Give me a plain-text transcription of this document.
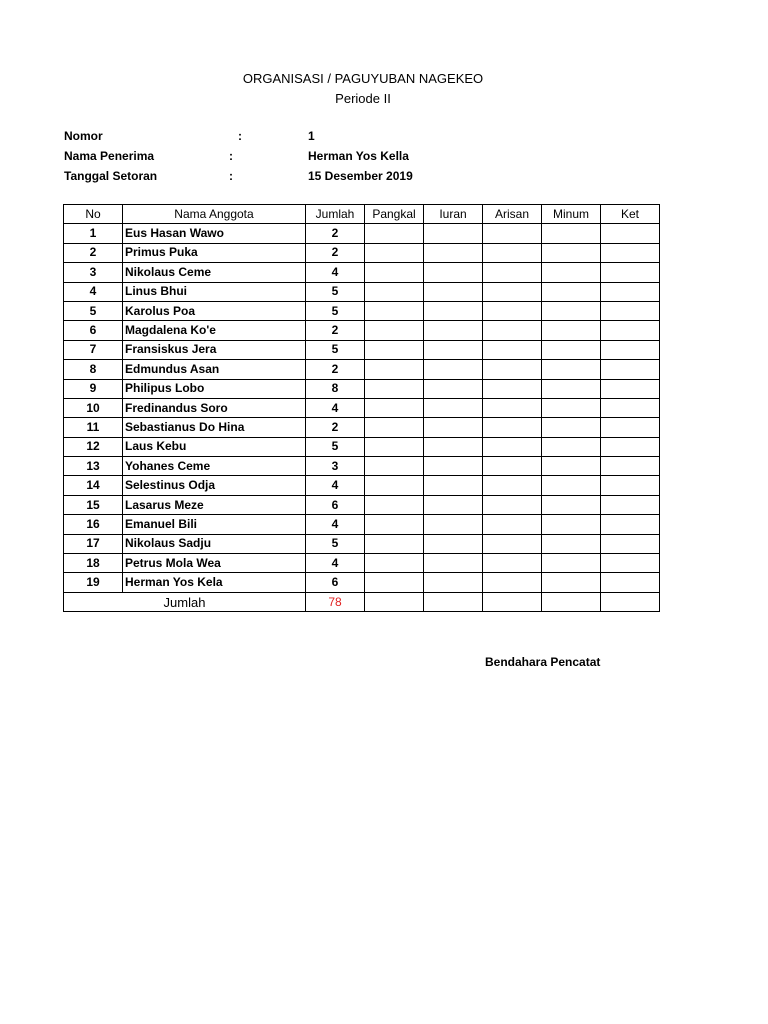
ORGANISASI / PAGUYUBAN NAGEKEO
Periode II
Nomor	:	1
Nama Penerima	:	Herman Yos Kella
Tanggal Setoran	:	15 Desember 2019
No	Nama Anggota	Jumlah	Pangkal	Iuran	Arisan	Minum	Ket
1	Eus Hasan Wawo	2					
2	Primus Puka	2					
3	Nikolaus Ceme	4					
4	Linus Bhui	5					
5	Karolus Poa	5					
6	Magdalena Ko'e	2					
7	Fransiskus Jera	5					
8	Edmundus Asan	2					
9	Philipus Lobo	8					
10	Fredinandus Soro	4					
11	Sebastianus Do Hina	2					
12	Laus Kebu	5					
13	Yohanes Ceme	3					
14	Selestinus Odja	4					
15	Lasarus Meze	6					
16	Emanuel Bili	4					
17	Nikolaus Sadju	5					
18	Petrus Mola Wea	4					
19	Herman Yos Kela	6					
Jumlah		78					
Bendahara Pencatat
